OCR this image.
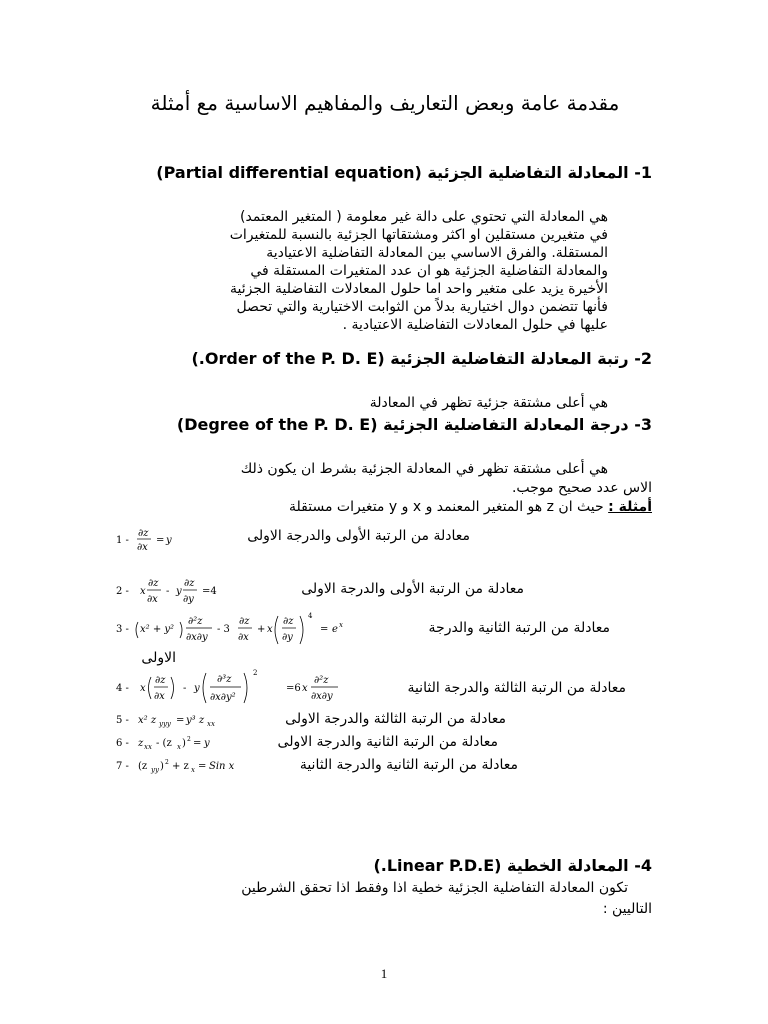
مقدمة عامة وبعض التعاريف والمفاهيم الاساسية مع أمثلة
1- المعادلة التفاضلية الجزئية (Partial differential equation)
هي المعادلة التي تحتوي على دالة غير معلومة ( المتغير المعتمد)
في متغيرين مستقلين او اكثر ومشتقاتها الجزئية بالنسبة للمتغيرات
المستقلة. والفرق الاساسي بين المعادلة التفاضلية الاعتيادية
والمعادلة التفاضلية الجزئية هو ان عدد المتغيرات المستقلة في
الأخيرة يزيد على متغير واحد اما حلول المعادلات التفاضلية الجزئية
فأنها تتضمن دوال اختيارية بدلاً من الثوابت الاختيارية والتي تحصل
عليها في حلول المعادلات التفاضلية الاعتيادية .
2- رتبة المعادلة التفاضلية الجزئية (Order of the P. D. E.)
هي أعلى مشتقة جزئية تظهر في المعادلة
3- درجة المعادلة التفاضلية الجزئية (Degree of the P. D. E)
هي أعلى مشتقة تظهر في المعادلة الجزئية بشرط ان يكون ذلك
الاس عدد صحيح موجب.
أمثلة : حيث ان z هو المتغير المعنمد و x و y متغيرات مستقلة
1 -
∂z
∂x
= y	معادلة من الرتبة الأولى والدرجة الاولى
2 - x
∂z
∂x
- y
∂z
∂y
=4	معادلة من الرتبة الأولى والدرجة الاولى
3 - x² + y²
∂²z
∂x∂y
- 3
∂z
∂x
+ x
∂z
∂y
4
= e x	معادلة من الرتبة الثانية والدرجة
الاولى
4 - x
∂z
∂x
- y
∂³z
∂x∂y²
2
=6 x
∂²z
∂x∂y
معادلة من الرتبة الثالثة والدرجة الثانية
5 - x² z yyy = y³ z xx	معادلة من الرتبة الثالثة والدرجة الاولى
6 - z xx - (z x ) 2 = y	معادلة من الرتبة الثانية والدرجة الاولى
7 - (z yy ) 2 + z x = Sin x	معادلة من الرتبة الثانية والدرجة الثانية
4- المعادلة الخطية (Linear P.D.E.)
تكون المعادلة التفاضلية الجزئية خطية اذا وفقط اذا تحقق الشرطين
التاليين :
1
